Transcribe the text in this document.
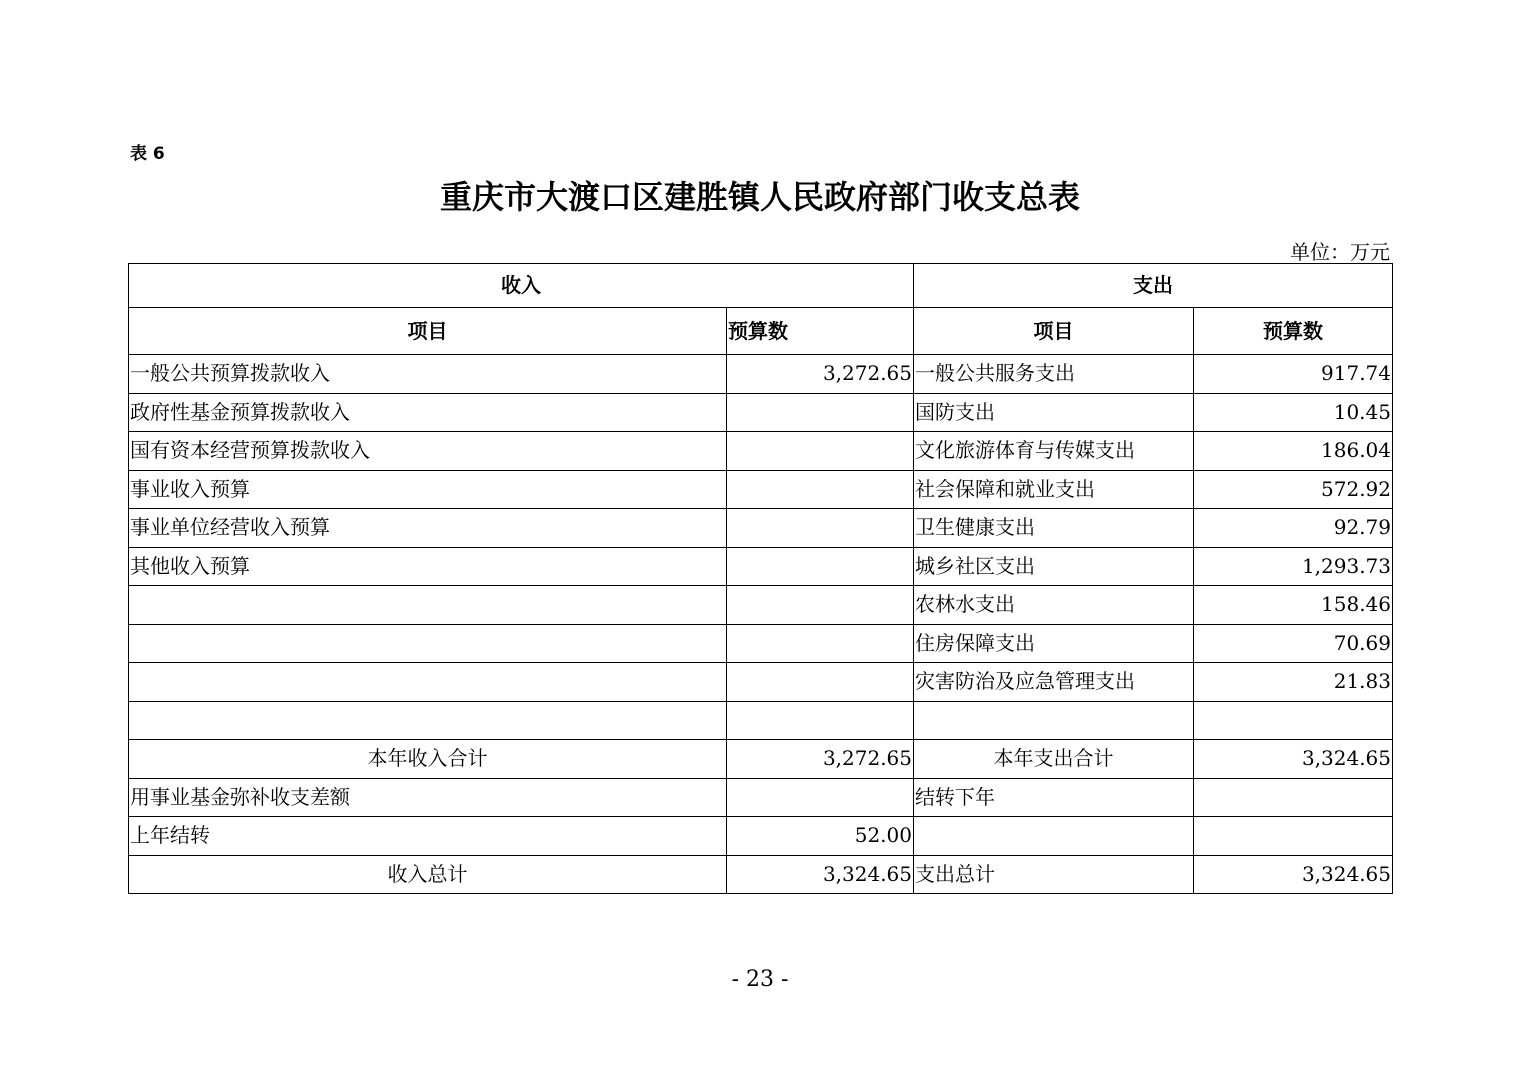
表 6
重庆市大渡口区建胜镇人民政府部门收支总表
单位：万元
收入		支出	
项目	预算数	项目	预算数
一般公共预算拨款收入	3,272.65	一般公共服务支出	917.74
政府性基金预算拨款收入		国防支出	10.45
国有资本经营预算拨款收入		文化旅游体育与传媒支出	186.04
事业收入预算		社会保障和就业支出	572.92
事业单位经营收入预算		卫生健康支出	92.79
其他收入预算		城乡社区支出	1,293.73
		农林水支出	158.46
		住房保障支出	70.69
		灾害防治及应急管理支出	21.83

本年收入合计	3,272.65	本年支出合计	3,324.65
用事业基金弥补收支差额		结转下年	
上年结转	52.00		
收入总计	3,324.65	支出总计	3,324.65
- 23 -
